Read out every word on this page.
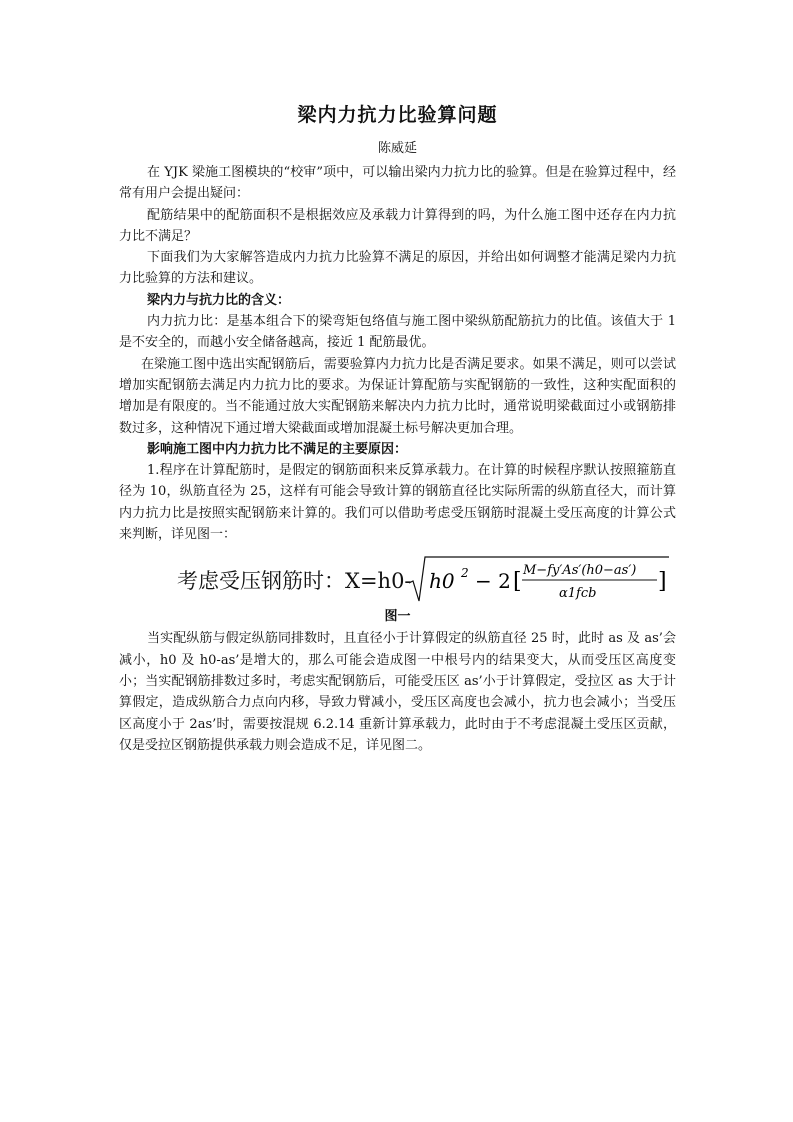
梁内力抗力比验算问题
陈威延

在 YJK 梁施工图模块的“校审”项中，可以输出梁内力抗力比的验算。但是在验算过程中，经常有用户会提出疑问：

配筋结果中的配筋面积不是根据效应及承载力计算得到的吗，为什么施工图中还存在内力抗力比不满足？

下面我们为大家解答造成内力抗力比验算不满足的原因，并给出如何调整才能满足梁内力抗力比验算的方法和建议。

梁内力与抗力比的含义：

内力抗力比：是基本组合下的梁弯矩包络值与施工图中梁纵筋配筋抗力的比值。该值大于 1 是不安全的，而越小安全储备越高，接近 1 配筋最优。

在梁施工图中选出实配钢筋后，需要验算内力抗力比是否满足要求。如果不满足，则可以尝试增加实配钢筋去满足内力抗力比的要求。为保证计算配筋与实配钢筋的一致性，这种实配面积的增加是有限度的。当不能通过放大实配钢筋来解决内力抗力比时，通常说明梁截面过小或钢筋排数过多，这种情况下通过增大梁截面或增加混凝土标号解决更加合理。

影响施工图中内力抗力比不满足的主要原因：

1.程序在计算配筋时，是假定的钢筋面积来反算承载力。在计算的时候程序默认按照箍筋直径为 10，纵筋直径为 25，这样有可能会导致计算的钢筋直径比实际所需的纵筋直径大，而计算内力抗力比是按照实配钢筋来计算的。我们可以借助考虑受压钢筋时混凝土受压高度的计算公式来判断，详见图一：

考虑受压钢筋时：X=h0- ℎ0 2 − 2 [ 𝑀−𝑓𝑦′𝐴𝑠′(ℎ0−𝑎𝑠′)
𝛼1𝑓𝑐𝑏	]
图一

当实配纵筋与假定纵筋同排数时，且直径小于计算假定的纵筋直径 25 时，此时 as 及 as’会减小，h0 及 h0-as’是增大的，那么可能会造成图一中根号内的结果变大，从而受压区高度变小；当实配钢筋排数过多时，考虑实配钢筋后，可能受压区 as’小于计算假定，受拉区 as 大于计算假定，造成纵筋合力点向内移，导致力臂减小，受压区高度也会减小，抗力也会减小；当受压区高度小于 2as’时，需要按混规 6.2.14 重新计算承载力，此时由于不考虑混凝土受压区贡献，仅是受拉区钢筋提供承载力则会造成不足，详见图二。
